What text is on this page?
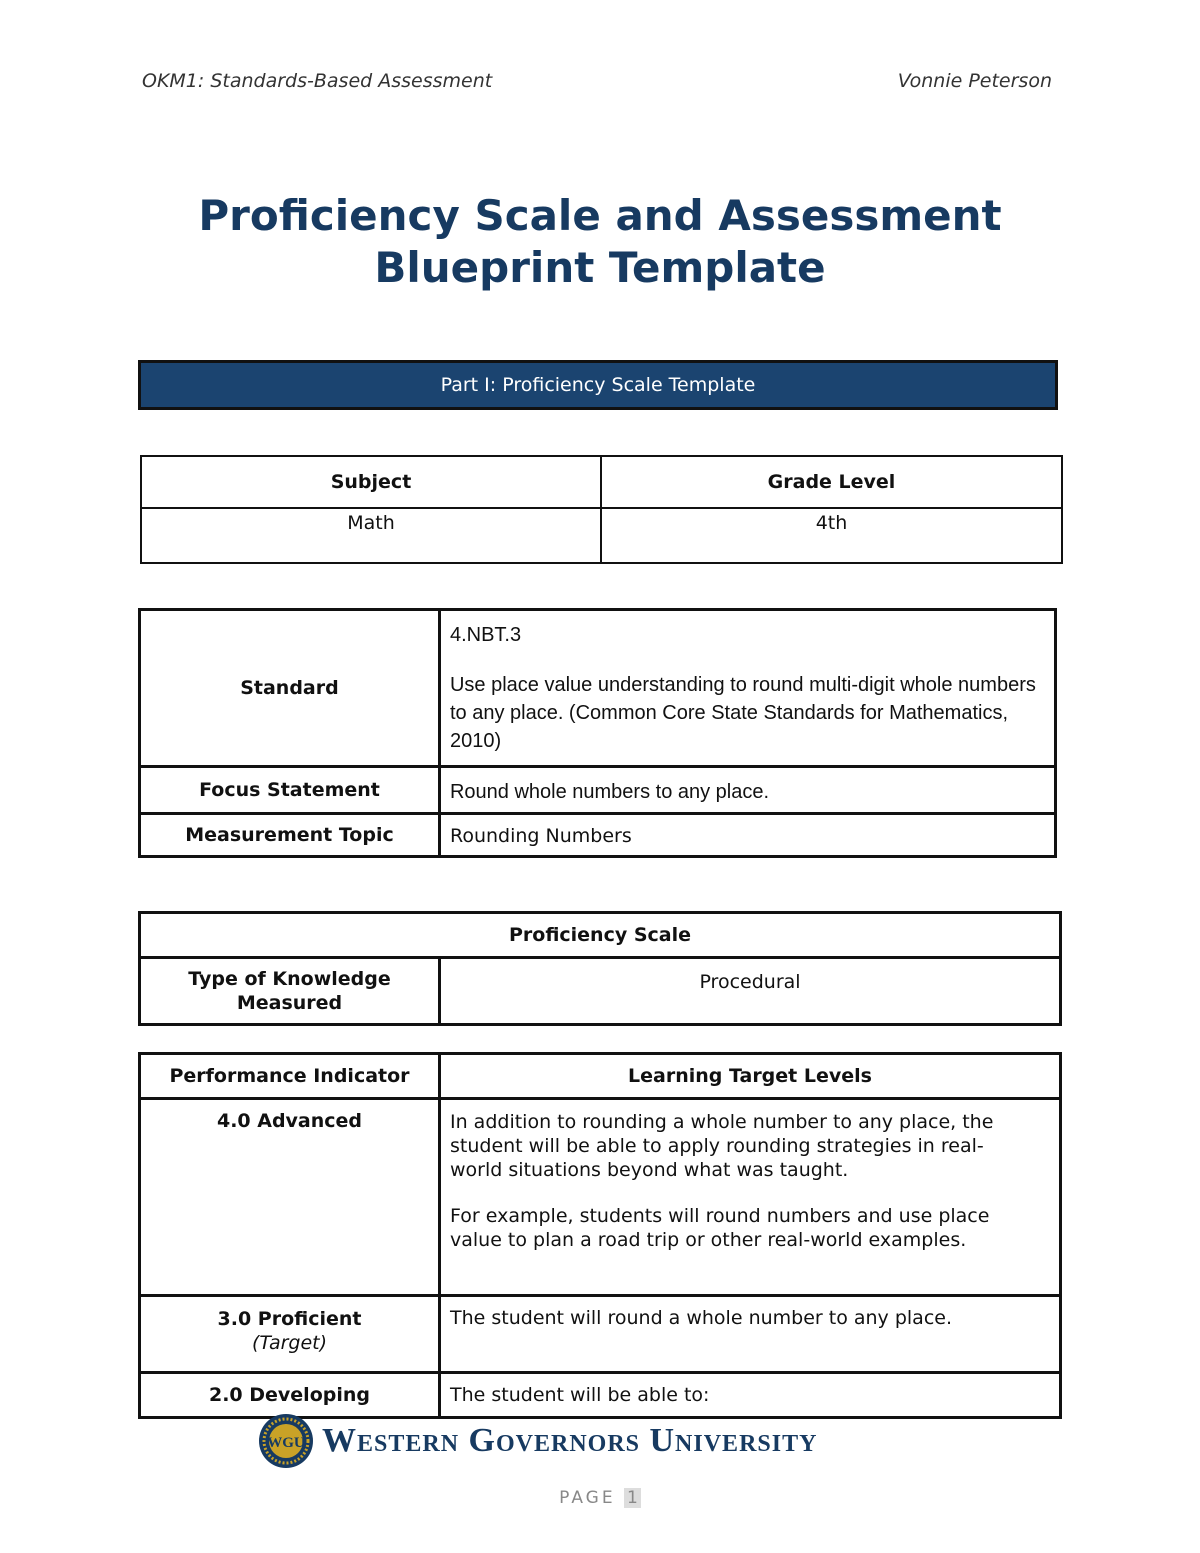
OKM1: Standards-Based Assessment	Vonnie Peterson
Proficiency Scale and Assessment
Blueprint Template
Part I: Proficiency Scale Template
Subject	Grade Level
Math	4th
Standard	4.NBT.3
Use place value understanding to round multi-digit whole numbers to any place. (Common Core State Standards for Mathematics, 2010)

Focus Statement	Round whole numbers to any place.
Measurement Topic	Rounding Numbers
Proficiency Scale
Type of Knowledge Measured	Procedural
Performance Indicator	Learning Target Levels
4.0 Advanced	In addition to rounding a whole number to any place, the student will be able to apply rounding strategies in real-world situations beyond what was taught.

For example, students will round numbers and use place value to plan a road trip or other real-world examples.

3.0 Proficient
(Target)	The student will round a whole number to any place.
2.0 Developing	The student will be able to:
WGU Western Governors University
PAGE 1
